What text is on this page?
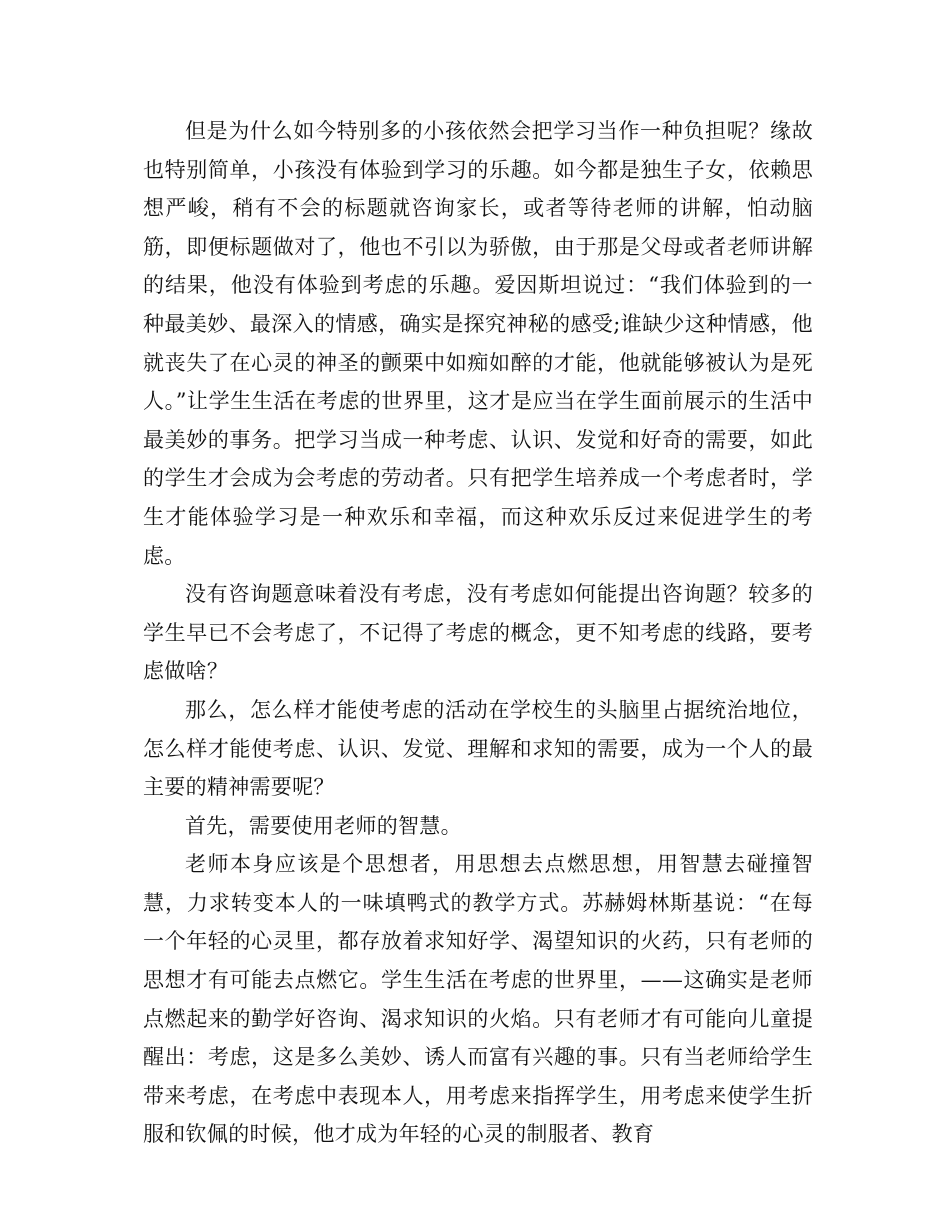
但是为什么如今特别多的小孩依然会把学习当作一种负担呢？缘故也特别简单，小孩没有体验到学习的乐趣。如今都是独生子女，依赖思想严峻，稍有不会的标题就咨询家长，或者等待老师的讲解，怕动脑筋，即便标题做对了，他也不引以为骄傲，由于那是父母或者老师讲解的结果，他没有体验到考虑的乐趣。爱因斯坦说过：“我们体验到的一种最美妙、最深入的情感，确实是探究神秘的感受;谁缺少这种情感，他就丧失了在心灵的神圣的颤栗中如痴如醉的才能，他就能够被认为是死人。”让学生生活在考虑的世界里，这才是应当在学生面前展示的生活中最美妙的事务。把学习当成一种考虑、认识、发觉和好奇的需要，如此的学生才会成为会考虑的劳动者。只有把学生培养成一个考虑者时，学生才能体验学习是一种欢乐和幸福，而这种欢乐反过来促进学生的考虑。

没有咨询题意味着没有考虑，没有考虑如何能提出咨询题？较多的学生早已不会考虑了，不记得了考虑的概念，更不知考虑的线路，要考虑做啥？

那么，怎么样才能使考虑的活动在学校生的头脑里占据统治地位，怎么样才能使考虑、认识、发觉、理解和求知的需要，成为一个人的最主要的精神需要呢？

首先，需要使用老师的智慧。

老师本身应该是个思想者，用思想去点燃思想，用智慧去碰撞智慧，力求转变本人的一味填鸭式的教学方式。苏赫姆林斯基说：“在每一个年轻的心灵里，都存放着求知好学、渴望知识的火药，只有老师的思想才有可能去点燃它。学生生活在考虑的世界里，——这确实是老师点燃起来的勤学好咨询、渴求知识的火焰。只有老师才有可能向儿童提醒出：考虑，这是多么美妙、诱人而富有兴趣的事。只有当老师给学生带来考虑，在考虑中表现本人，用考虑来指挥学生，用考虑来使学生折服和钦佩的时候，他才成为年轻的心灵的制服者、教育
